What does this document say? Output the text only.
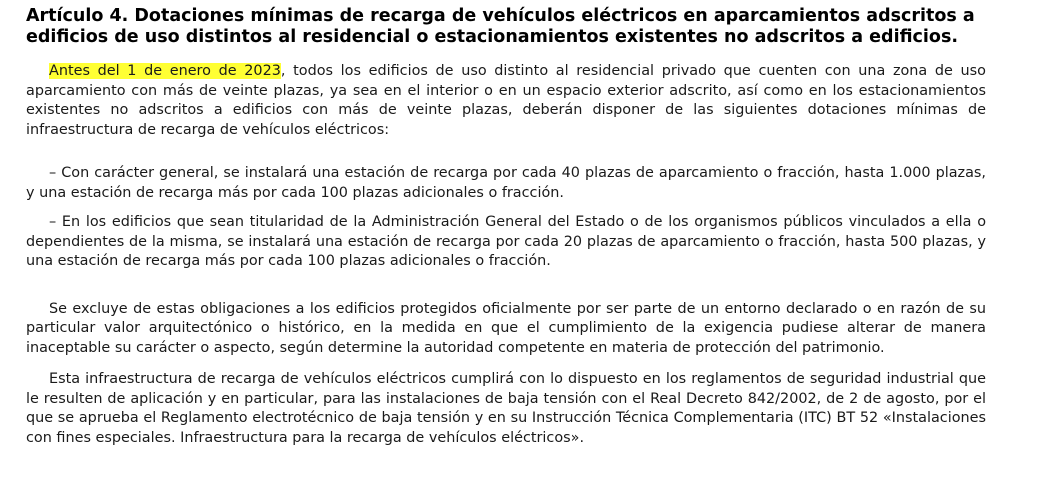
Artículo 4. Dotaciones mínimas de recarga de vehículos eléctricos en aparcamientos adscritos a edificios de uso distintos al residencial o estacionamientos existentes no adscritos a edificios.

Antes del 1 de enero de 2023, todos los edificios de uso distinto al residencial privado que cuenten con una zona de uso aparcamiento con más de veinte plazas, ya sea en el interior o en un espacio exterior adscrito, así como en los estacionamientos existentes no adscritos a edificios con más de veinte plazas, deberán disponer de las siguientes dotaciones mínimas de infraestructura de recarga de vehículos eléctricos:

– Con carácter general, se instalará una estación de recarga por cada 40 plazas de aparcamiento o fracción, hasta 1.000 plazas, y una estación de recarga más por cada 100 plazas adicionales o fracción.

– En los edificios que sean titularidad de la Administración General del Estado o de los organismos públicos vinculados a ella o dependientes de la misma, se instalará una estación de recarga por cada 20 plazas de aparcamiento o fracción, hasta 500 plazas, y una estación de recarga más por cada 100 plazas adicionales o fracción.

Se excluye de estas obligaciones a los edificios protegidos oficialmente por ser parte de un entorno declarado o en razón de su particular valor arquitectónico o histórico, en la medida en que el cumplimiento de la exigencia pudiese alterar de manera inaceptable su carácter o aspecto, según determine la autoridad competente en materia de protección del patrimonio.

Esta infraestructura de recarga de vehículos eléctricos cumplirá con lo dispuesto en los reglamentos de seguridad industrial que le resulten de aplicación y en particular, para las instalaciones de baja tensión con el Real Decreto 842/2002, de 2 de agosto, por el que se aprueba el Reglamento electrotécnico de baja tensión y en su Instrucción Técnica Complementaria (ITC) BT 52 «Instalaciones con fines especiales. Infraestructura para la recarga de vehículos eléctricos».
